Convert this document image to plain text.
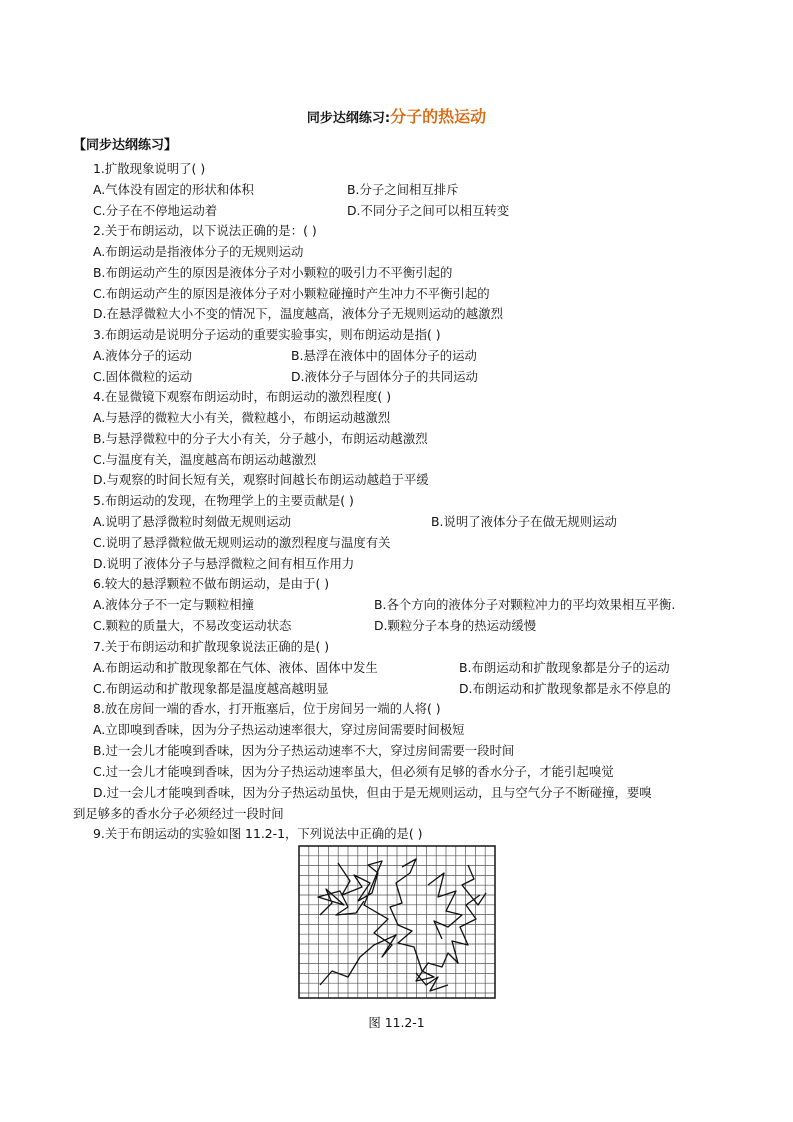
同步达纲练习:分子的热运动
【同步达纲练习】
1.扩散现象说明了( )
A.气体没有固定的形状和体积	B.分子之间相互排斥
C.分子在不停地运动着	D.不同分子之间可以相互转变
2.关于布朗运动，以下说法正确的是：( )
A.布朗运动是指液体分子的无规则运动
B.布朗运动产生的原因是液体分子对小颗粒的吸引力不平衡引起的
C.布朗运动产生的原因是液体分子对小颗粒碰撞时产生冲力不平衡引起的
D.在悬浮微粒大小不变的情况下，温度越高，液体分子无规则运动的越激烈
3.布朗运动是说明分子运动的重要实验事实，则布朗运动是指( )
A.液体分子的运动	B.悬浮在液体中的固体分子的运动
C.固体微粒的运动	D.液体分子与固体分子的共同运动
4.在显微镜下观察布朗运动时，布朗运动的激烈程度( )
A.与悬浮的微粒大小有关，微粒越小，布朗运动越激烈
B.与悬浮微粒中的分子大小有关，分子越小，布朗运动越激烈
C.与温度有关，温度越高布朗运动越激烈
D.与观察的时间长短有关，观察时间越长布朗运动越趋于平缓
5.布朗运动的发现，在物理学上的主要贡献是( )
A.说明了悬浮微粒时刻做无规则运动	B.说明了液体分子在做无规则运动
C.说明了悬浮微粒做无规则运动的激烈程度与温度有关
D.说明了液体分子与悬浮微粒之间有相互作用力
6.较大的悬浮颗粒不做布朗运动，是由于( )
A.液体分子不一定与颗粒相撞	B.各个方向的液体分子对颗粒冲力的平均效果相互平衡.
C.颗粒的质量大，不易改变运动状态	D.颗粒分子本身的热运动缓慢
7.关于布朗运动和扩散现象说法正确的是( )
A.布朗运动和扩散现象都在气体、液体、固体中发生	B.布朗运动和扩散现象都是分子的运动
C.布朗运动和扩散现象都是温度越高越明显	D.布朗运动和扩散现象都是永不停息的
8.放在房间一端的香水，打开瓶塞后，位于房间另一端的人将( )
A.立即嗅到香味，因为分子热运动速率很大，穿过房间需要时间极短
B.过一会儿才能嗅到香味，因为分子热运动速率不大，穿过房间需要一段时间
C.过一会儿才能嗅到香味，因为分子热运动速率虽大，但必须有足够的香水分子，才能引起嗅觉
D.过一会儿才能嗅到香味，因为分子热运动虽快，但由于是无规则运动，且与空气分子不断碰撞，要嗅
到足够多的香水分子必须经过一段时间
9.关于布朗运动的实验如图 11.2-1，下列说法中正确的是( )
图 11.2-1
